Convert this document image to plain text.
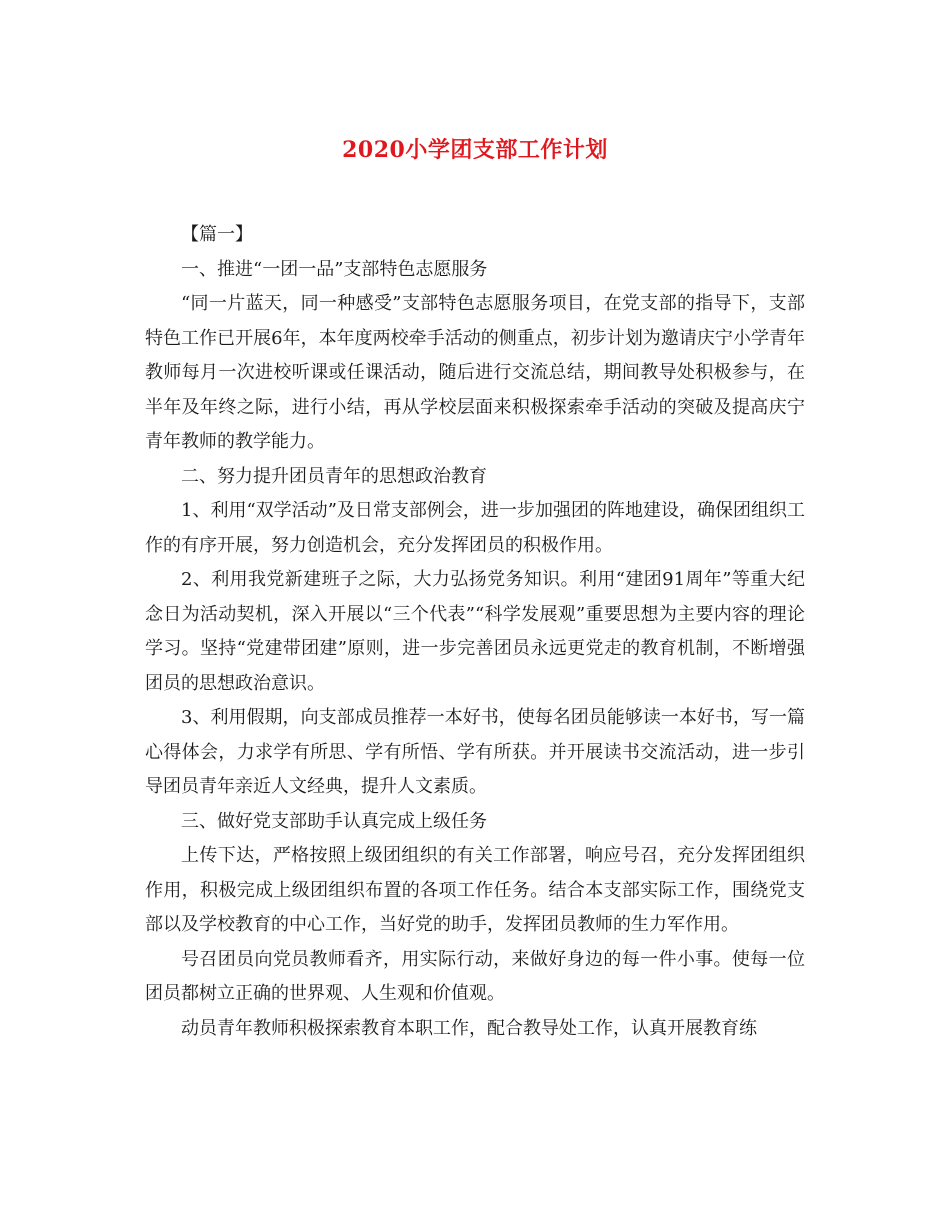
2020小学团支部工作计划

【篇一】

一、推进“一团一品”支部特色志愿服务

“同一片蓝天，同一种感受”支部特色志愿服务项目，在党支部的指导下，支部特色工作已开展6年，本年度两校牵手活动的侧重点，初步计划为邀请庆宁小学青年教师每月一次进校听课或任课活动，随后进行交流总结，期间教导处积极参与，在半年及年终之际，进行小结，再从学校层面来积极探索牵手活动的突破及提高庆宁青年教师的教学能力。

二、努力提升团员青年的思想政治教育

1、利用“双学活动”及日常支部例会，进一步加强团的阵地建设，确保团组织工作的有序开展，努力创造机会，充分发挥团员的积极作用。

2、利用我党新建班子之际，大力弘扬党务知识。利用“建团91周年”等重大纪念日为活动契机，深入开展以“三个代表”“科学发展观”重要思想为主要内容的理论学习。坚持“党建带团建”原则，进一步完善团员永远更党走的教育机制，不断增强团员的思想政治意识。

3、利用假期，向支部成员推荐一本好书，使每名团员能够读一本好书，写一篇心得体会，力求学有所思、学有所悟、学有所获。并开展读书交流活动，进一步引导团员青年亲近人文经典，提升人文素质。

三、做好党支部助手认真完成上级任务

上传下达，严格按照上级团组织的有关工作部署，响应号召，充分发挥团组织作用，积极完成上级团组织布置的各项工作任务。结合本支部实际工作，围绕党支部以及学校教育的中心工作，当好党的助手，发挥团员教师的生力军作用。

号召团员向党员教师看齐，用实际行动，来做好身边的每一件小事。使每一位团员都树立正确的世界观、人生观和价值观。

动员青年教师积极探索教育本职工作，配合教导处工作，认真开展教育练
